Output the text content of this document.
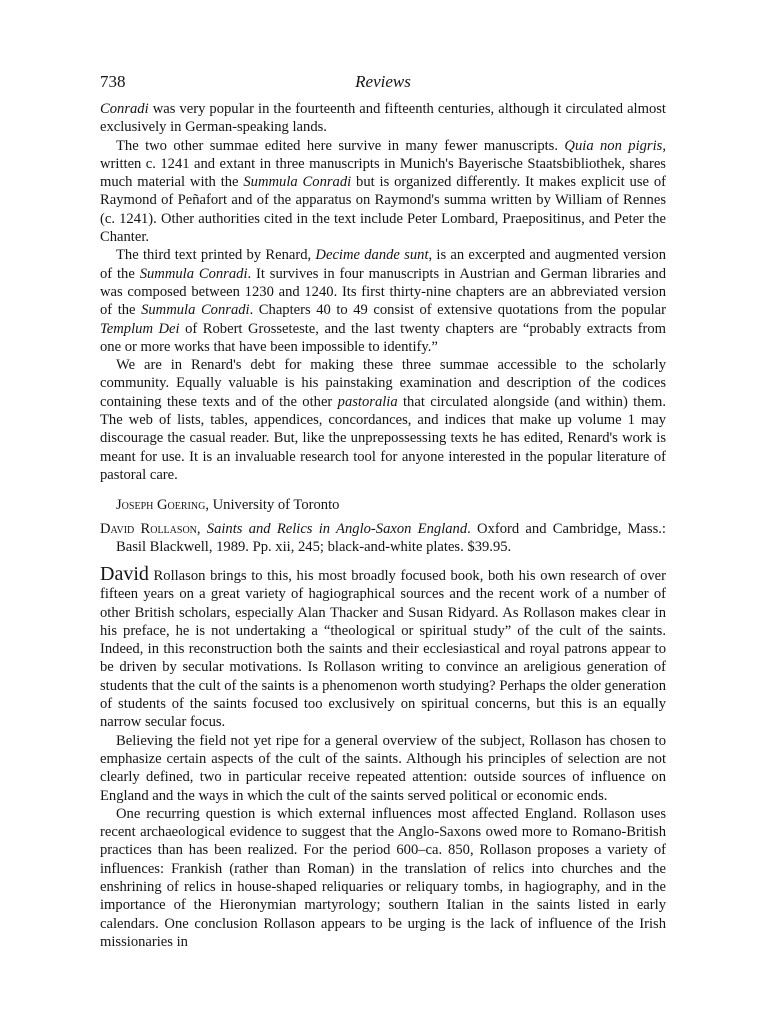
738	Reviews

Conradi was very popular in the fourteenth and fifteenth centuries, although it circulated almost exclusively in German-speaking lands.

The two other summae edited here survive in many fewer manuscripts. Quia non pigris, written c. 1241 and extant in three manuscripts in Munich's Bayerische Staatsbibliothek, shares much material with the Summula Conradi but is organized differently. It makes explicit use of Raymond of Peñafort and of the apparatus on Raymond's summa written by William of Rennes (c. 1241). Other authorities cited in the text include Peter Lombard, Praepositinus, and Peter the Chanter.

The third text printed by Renard, Decime dande sunt, is an excerpted and augmented version of the Summula Conradi. It survives in four manuscripts in Austrian and German libraries and was composed between 1230 and 1240. Its first thirty-nine chapters are an abbreviated version of the Summula Conradi. Chapters 40 to 49 consist of extensive quotations from the popular Templum Dei of Robert Grosseteste, and the last twenty chapters are “probably extracts from one or more works that have been impossible to identify.”

We are in Renard's debt for making these three summae accessible to the scholarly community. Equally valuable is his painstaking examination and description of the codices containing these texts and of the other pastoralia that circulated alongside (and within) them. The web of lists, tables, appendices, concordances, and indices that make up volume 1 may discourage the casual reader. But, like the unprepossessing texts he has edited, Renard's work is meant for use. It is an invaluable research tool for anyone interested in the popular literature of pastoral care.

Joseph Goering, University of Toronto

David Rollason, Saints and Relics in Anglo-Saxon England. Oxford and Cambridge, Mass.: Basil Blackwell, 1989. Pp. xii, 245; black-and-white plates. $39.95.

David Rollason brings to this, his most broadly focused book, both his own research of over fifteen years on a great variety of hagiographical sources and the recent work of a number of other British scholars, especially Alan Thacker and Susan Ridyard. As Rollason makes clear in his preface, he is not undertaking a “theological or spiritual study” of the cult of the saints. Indeed, in this reconstruction both the saints and their ecclesiastical and royal patrons appear to be driven by secular motivations. Is Rollason writing to convince an areligious generation of students that the cult of the saints is a phenomenon worth studying? Perhaps the older generation of students of the saints focused too exclusively on spiritual concerns, but this is an equally narrow secular focus.

Believing the field not yet ripe for a general overview of the subject, Rollason has chosen to emphasize certain aspects of the cult of the saints. Although his principles of selection are not clearly defined, two in particular receive repeated attention: outside sources of influence on England and the ways in which the cult of the saints served political or economic ends.

One recurring question is which external influences most affected England. Rollason uses recent archaeological evidence to suggest that the Anglo-Saxons owed more to Romano-British practices than has been realized. For the period 600–ca. 850, Rollason proposes a variety of influences: Frankish (rather than Roman) in the translation of relics into churches and the enshrining of relics in house-shaped reliquaries or reliquary tombs, in hagiography, and in the importance of the Hieronymian martyrology; southern Italian in the saints listed in early calendars. One conclusion Rollason appears to be urging is the lack of influence of the Irish missionaries in
